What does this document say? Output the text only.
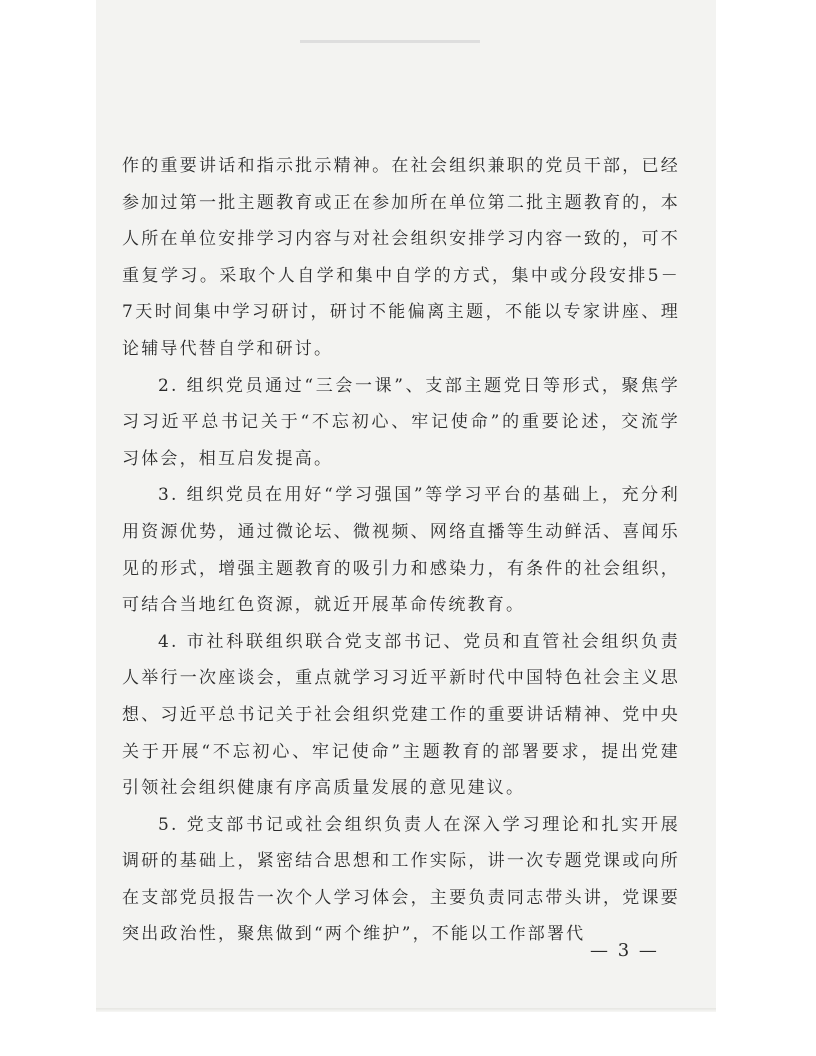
作的重要讲话和指示批示精神。在社会组织兼职的党员干部，已经参加过第一批主题教育或正在参加所在单位第二批主题教育的，本人所在单位安排学习内容与对社会组织安排学习内容一致的，可不重复学习。采取个人自学和集中自学的方式，集中或分段安排5－7天时间集中学习研讨，研讨不能偏离主题，不能以专家讲座、理论辅导代替自学和研讨。

2. 组织党员通过“三会一课”、支部主题党日等形式，聚焦学习习近平总书记关于“不忘初心、牢记使命”的重要论述，交流学习体会，相互启发提高。

3. 组织党员在用好“学习强国”等学习平台的基础上，充分利用资源优势，通过微论坛、微视频、网络直播等生动鲜活、喜闻乐见的形式，增强主题教育的吸引力和感染力，有条件的社会组织，可结合当地红色资源，就近开展革命传统教育。

4. 市社科联组织联合党支部书记、党员和直管社会组织负责人举行一次座谈会，重点就学习习近平新时代中国特色社会主义思想、习近平总书记关于社会组织党建工作的重要讲话精神、党中央关于开展“不忘初心、牢记使命”主题教育的部署要求，提出党建引领社会组织健康有序高质量发展的意见建议。

5. 党支部书记或社会组织负责人在深入学习理论和扎实开展调研的基础上，紧密结合思想和工作实际，讲一次专题党课或向所在支部党员报告一次个人学习体会，主要负责同志带头讲，党课要突出政治性，聚焦做到“两个维护”，不能以工作部署代

— 3 —
